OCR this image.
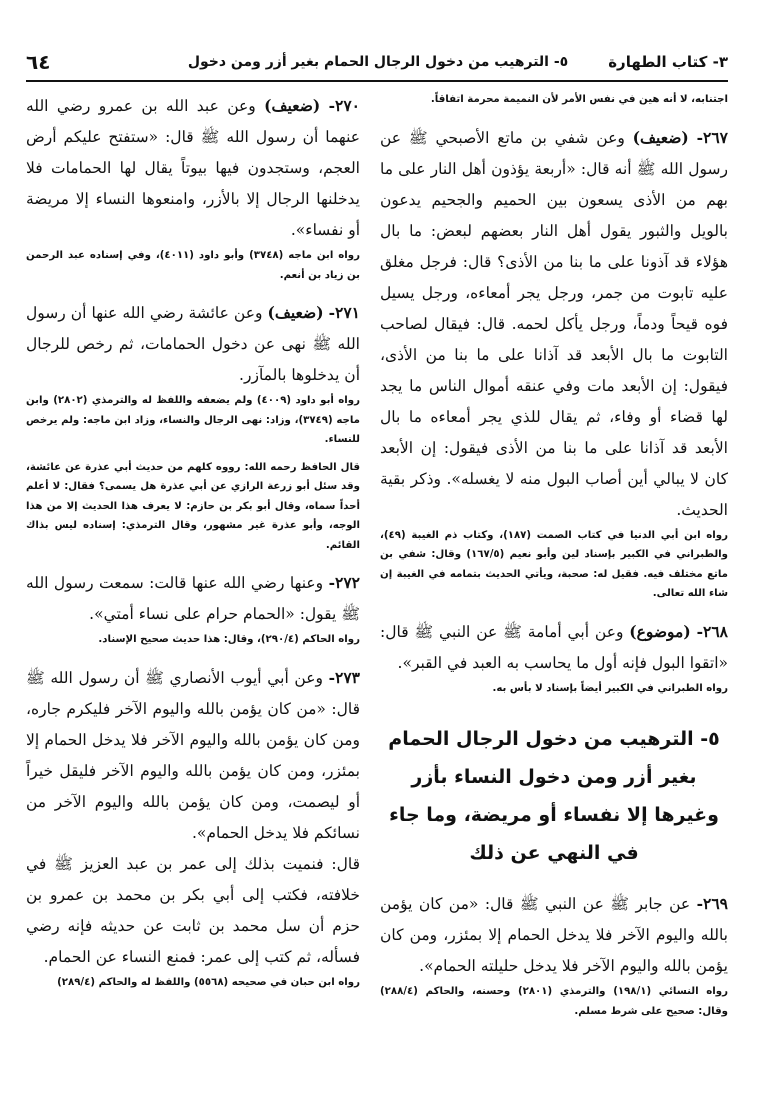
٣- كتاب الطهارة
٥- الترهيب من دخول الرجال الحمام بغير أزر ومن دخول
٦٤

اجتنابه، لا أنه هين في نفس الأمر لأن النميمة محرمة اتفاقاً.

٢٦٧- (ضعيف) وعن شفي بن ماتع الأصبحي ﷺ عن رسول الله ﷺ أنه قال: «أربعة يؤذون أهل النار على ما بهم من الأذى يسعون بين الحميم والجحيم يدعون بالويل والثبور يقول أهل النار بعضهم لبعض: ما بال هؤلاء قد آذونا على ما بنا من الأذى؟ قال: فرجل مغلق عليه تابوت من جمر، ورجل يجر أمعاءه، ورجل يسيل فوه قيحاً ودماً، ورجل يأكل لحمه. قال: فيقال لصاحب التابوت ما بال الأبعد قد آذانا على ما بنا من الأذى، فيقول: إن الأبعد مات وفي عنقه أموال الناس ما يجد لها قضاء أو وفاء، ثم يقال للذي يجر أمعاءه ما بال الأبعد قد آذانا على ما بنا من الأذى فيقول: إن الأبعد كان لا يبالي أين أصاب البول منه لا يغسله». وذكر بقية الحديث.

رواه ابن أبي الدنيا في كتاب الصمت (١٨٧)، وكتاب ذم الغيبة (٤٩)، والطبراني في الكبير بإسناد لين وأبو نعيم (١٦٧/٥) وقال: شفي بن ماتع مختلف فيه. فقيل له: صحبة، ويأتي الحديث بتمامه في الغيبة إن شاء الله تعالى.

٢٦٨- (موضوع) وعن أبي أمامة ﷺ عن النبي ﷺ قال: «اتقوا البول فإنه أول ما يحاسب به العبد في القبر».

رواه الطبراني في الكبير أيضاً بإسناد لا بأس به.

٥- الترهيب من دخول الرجال الحمام بغير أزر ومن دخول النساء بأزر وغيرها إلا نفساء أو مريضة، وما جاء في النهي عن ذلك

٢٦٩- عن جابر ﷺ عن النبي ﷺ قال: «من كان يؤمن بالله واليوم الآخر فلا يدخل الحمام إلا بمئزر، ومن كان يؤمن بالله واليوم الآخر فلا يدخل حليلته الحمام».

رواه النسائي (١٩٨/١) والترمذي (٢٨٠١) وحسنه، والحاكم (٢٨٨/٤) وقال: صحيح على شرط مسلم.

٢٧٠- (ضعيف) وعن عبد الله بن عمرو رضي الله عنهما أن رسول الله ﷺ قال: «ستفتح عليكم أرض العجم، وستجدون فيها بيوتاً يقال لها الحمامات فلا يدخلنها الرجال إلا بالأزر، وامنعوها النساء إلا مريضة أو نفساء».

رواه ابن ماجه (٣٧٤٨) وأبو داود (٤٠١١)، وفي إسناده عبد الرحمن بن زياد بن أنعم.

٢٧١- (ضعيف) وعن عائشة رضي الله عنها أن رسول الله ﷺ نهى عن دخول الحمامات، ثم رخص للرجال أن يدخلوها بالمآزر.

رواه أبو داود (٤٠٠٩) ولم يضعفه واللفظ له والترمذي (٢٨٠٢) وابن ماجه (٣٧٤٩)، وزاد: نهى الرجال والنساء، وزاد ابن ماجه: ولم يرخص للنساء.

قال الحافظ رحمه الله: رووه كلهم من حديث أبي عذرة عن عائشة، وقد سئل أبو زرعة الرازي عن أبي عذرة هل يسمى؟ فقال: لا أعلم أحداً سماه، وقال أبو بكر بن حازم: لا يعرف هذا الحديث إلا من هذا الوجه، وأبو عذرة غير مشهور، وقال الترمذي: إسناده ليس بذاك القائم.

٢٧٢- وعنها رضي الله عنها قالت: سمعت رسول الله ﷺ يقول: «الحمام حرام على نساء أمتي».

رواه الحاكم (٢٩٠/٤)، وقال: هذا حديث صحيح الإسناد.

٢٧٣- وعن أبي أيوب الأنصاري ﷺ أن رسول الله ﷺ قال: «من كان يؤمن بالله واليوم الآخر فليكرم جاره، ومن كان يؤمن بالله واليوم الآخر فلا يدخل الحمام إلا بمئزر، ومن كان يؤمن بالله واليوم الآخر فليقل خيراً أو ليصمت، ومن كان يؤمن بالله واليوم الآخر من نسائكم فلا يدخل الحمام».

قال: فنميت بذلك إلى عمر بن عبد العزيز ﷺ في خلافته، فكتب إلى أبي بكر بن محمد بن عمرو بن حزم أن سل محمد بن ثابت عن حديثه فإنه رضي فسأله، ثم كتب إلى عمر: فمنع النساء عن الحمام.

رواه ابن حبان في صحيحه (٥٥٦٨) واللفظ له والحاكم (٢٨٩/٤)
